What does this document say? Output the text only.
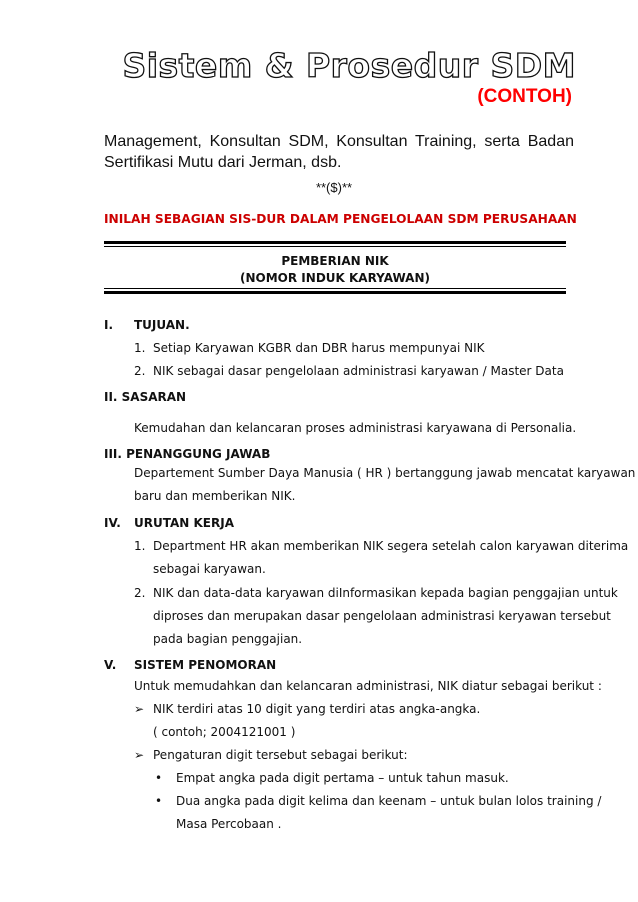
Sistem & Prosedur SDM
(CONTOH)
Management, Konsultan SDM, Konsultan Training, serta Badan
Sertifikasi Mutu dari Jerman, dsb.
**($)**
INILAH SEBAGIAN SIS-DUR DALAM PENGELOLAAN SDM PERUSAHAAN
PEMBERIAN NIK
(NOMOR INDUK KARYAWAN)
I. TUJUAN.
1. Setiap Karyawan KGBR dan DBR harus mempunyai NIK
2. NIK sebagai dasar pengelolaan administrasi karyawan / Master Data
II. SASARAN
Kemudahan dan kelancaran proses administrasi karyawana di Personalia.
III. PENANGGUNG JAWAB
Departement Sumber Daya Manusia ( HR ) bertanggung jawab mencatat karyawan
baru dan memberikan NIK.
IV. URUTAN KERJA
1. Department HR akan memberikan NIK segera setelah calon karyawan diterima
sebagai karyawan.
2. NIK dan data-data karyawan diInformasikan kepada bagian penggajian untuk
diproses dan merupakan dasar pengelolaan administrasi keryawan tersebut
pada bagian penggajian.
V. SISTEM PENOMORAN
Untuk memudahkan dan kelancaran administrasi, NIK diatur sebagai berikut :
➢ NIK terdiri atas 10 digit yang terdiri atas angka-angka.
( contoh; 2004121001 )
➢ Pengaturan digit tersebut sebagai berikut:
• Empat angka pada digit pertama – untuk tahun masuk.
• Dua angka pada digit kelima dan keenam – untuk bulan lolos training /
Masa Percobaan .
